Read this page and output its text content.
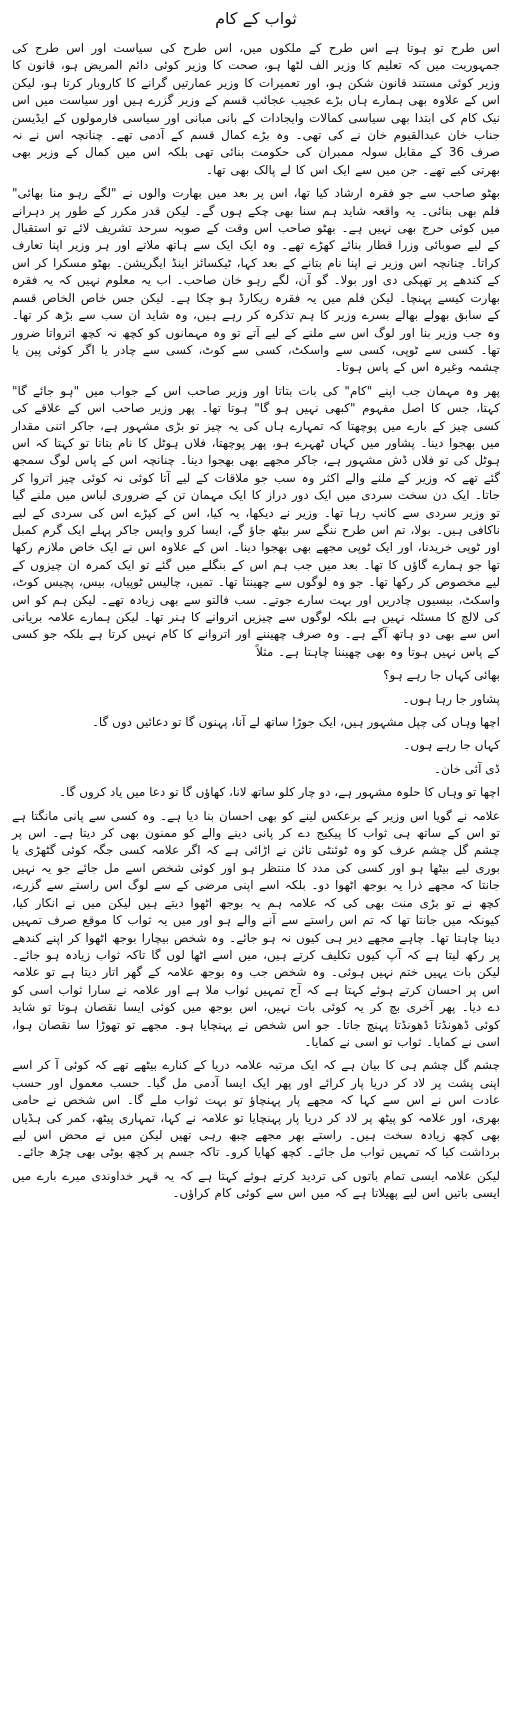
ثواب کے کام

اس طرح تو ہوتا ہے اس طرح کے ملکوں میں، اس طرح کی سیاست اور اس طرح کی جمہوریت میں کہ تعلیم کا وزیر الف لٹھا ہو، صحت کا وزیر کوئی دائم المریض ہو، قانون کا وزیر کوئی مستند قانون شکن ہو، اور تعمیرات کا وزیر عمارتیں گرانے کا کاروبار کرتا ہو، لیکن اس کے علاوہ بھی ہمارے ہاں بڑے عجیب عجائب قسم کے وزیر گزرے ہیں اور سیاست میں اس نیک کام کی ابتدا بھی سیاسی کمالات وایجادات کے بانی مبانی اور سیاسی فارمولوں کے ایڈیسن جناب خان عبدالقیوم خان نے کی تھی۔ وہ بڑے کمال قسم کے آدمی تھے۔ چنانچہ اس نے نہ صرف 36 کے مقابل سولہ ممبران کی حکومت بنائی تھی بلکہ اس میں کمال کے وزیر بھی بھرتی کیے تھے۔ جن میں سے ایک اس کا لے پالک بھی تھا۔

بھٹو صاحب سے جو فقرہ ارشاد کیا تھا، اس پر بعد میں بھارت والوں نے "لگے رہو منا بھائی" فلم بھی بنائی۔ یہ واقعہ شاید ہم سنا بھی چکے ہوں گے۔ لیکن قدر مکرر کے طور پر دہرانے میں کوئی حرج بھی نہیں ہے۔ بھٹو صاحب اس وقت کے صوبہ سرحد تشریف لائے تو استقبال کے لیے صوبائی وزرا قطار بنائے کھڑے تھے۔ وہ ایک ایک سے ہاتھ ملاتے اور ہر وزیر اپنا تعارف کراتا۔ چنانچہ اس وزیر نے اپنا نام بتانے کے بعد کہا، ٹیکسائز اینڈ ایگریشن۔ بھٹو مسکرا کر اس کے کندھے پر تھپکی دی اور بولا۔ گو آن، لگے رہو خان صاحب۔ اب یہ معلوم نہیں کہ یہ فقرہ بھارت کیسے پہنچا۔ لیکن فلم میں یہ فقرہ ریکارڈ ہو چکا ہے۔ لیکن جس خاص الخاص قسم کے سابق بھولے بھالے بسرے وزیر کا ہم تذکرہ کر رہے ہیں، وہ شاید ان سب سے بڑھ کر تھا۔ وہ جب وزیر بنا اور لوگ اس سے ملنے کے لیے آتے تو وہ مہمانوں کو کچھ نہ کچھ اترواتا ضرور تھا۔ کسی سے ٹوپی، کسی سے واسکٹ، کسی سے کوٹ، کسی سے چادر یا اگر کوئی پین یا چشمہ وغیرہ اس کے پاس ہوتا۔

پھر وہ مہمان جب اپنے "کام" کی بات بتاتا اور وزیر صاحب اس کے جواب میں "ہو جائے گا" کہتا، جس کا اصل مفہوم "کبھی نہیں ہو گا" ہوتا تھا۔ پھر وزیر صاحب اس کے علاقے کی کسی چیز کے بارے میں پوچھتا کہ تمہارے ہاں کی یہ چیز تو بڑی مشہور ہے، جاکر اتنی مقدار میں بھجوا دینا۔ پشاور میں کہاں ٹھہرے ہو، پھر پوچھتا، فلاں ہوٹل کا نام بتاتا تو کہتا کہ اس ہوٹل کی تو فلاں ڈش مشہور ہے، جاکر مجھے بھی بھجوا دینا۔ چنانچہ اس کے پاس لوگ سمجھ گئے تھے کہ وزیر کے ملنے والے اکثر وہ سب جو ملاقات کے لیے آتا کوئی نہ کوئی چیز اتروا کر جاتا۔ ایک دن سخت سردی میں ایک دور دراز کا ایک مہمان تن کے ضروری لباس میں ملنے گیا تو وزیر سردی سے کانپ رہا تھا۔ وزیر نے دیکھا، یہ کیا، اس کے کپڑے اس کی سردی کے لیے ناکافی ہیں۔ بولا، تم اس طرح ننگے سر بیٹھ جاؤ گے، ایسا کرو واپس جاکر پہلے ایک گرم کمبل اور ٹوپی خریدنا، اور ایک ٹوپی مجھے بھی بھجوا دینا۔ اس کے علاوہ اس نے ایک خاص ملازم رکھا تھا جو ہمارے گاؤں کا تھا۔ بعد میں جب ہم اس کے بنگلے میں گئے تو ایک کمرہ ان چیزوں کے لیے مخصوص کر رکھا تھا۔ جو وہ لوگوں سے چھینتا تھا۔ تمیں، چالیس ٹوپیاں، بیس، پچیس کوٹ، واسکٹ، بیسیوں چادریں اور بہت سارے جوتے۔ سب فالتو سے بھی زیادہ تھے۔ لیکن ہم کو اس کی لالچ کا مسئلہ نہیں ہے بلکہ لوگوں سے چیزیں اتروانے کا ہنر تھا۔ لیکن ہمارے علامہ بریانی اس سے بھی دو ہاتھ آگے ہے۔ وہ صرف چھیننے اور اتروانے کا کام نہیں کرتا ہے بلکہ جو کسی کے پاس نہیں ہوتا وہ بھی چھیننا چاہتا ہے۔ مثلاً

بھائی کہاں جا رہے ہو؟

پشاور جا رہا ہوں۔

اچھا وہاں کی چپل مشہور ہیں، ایک جوڑا ساتھ لے آنا، پہنوں گا تو دعائیں دوں گا۔

کہاں جا رہے ہوں۔

ڈی آئی خان۔

اچھا تو وہاں کا حلوہ مشہور ہے، دو چار کلو ساتھ لانا، کھاؤں گا تو دعا میں یاد کروں گا۔

علامہ نے گویا اس وزیر کے برعکس لینے کو بھی احسان بنا دیا ہے۔ وہ کسی سے پانی مانگتا ہے تو اس کے ساتھ ہی ثواب کا پیکیج دے کر پانی دینے والے کو ممنون بھی کر دیتا ہے۔ اس پر چشم گل چشم عرف کو وہ ٹوئنٹی تائن نے اڑائی ہے کہ اگر علامہ کسی جگہ کوئی گٹھڑی یا بوری لیے بیٹھا ہو اور کسی کی مدد کا منتظر ہو اور کوئی شخص اسے مل جائے جو یہ نہیں جانتا کہ مجھے ذرا یہ بوجھ اٹھوا دو۔ بلکہ اسے اپنی مرضی کے سے لوگ اس راستے سے گزرے، کچھ نے تو بڑی منت بھی کی کہ علامہ ہم یہ بوجھ اٹھوا دیتے ہیں لیکن میں نے انکار کیا، کیونکہ میں جانتا تھا کہ تم اس راستے سے آنے والے ہو اور میں یہ ثواب کا موقع صرف تمہیں دینا چاہتا تھا۔ چاہے مجھے دیر ہی کیوں نہ ہو جائے۔ وہ شخص بیچارا بوجھ اٹھوا کر اپنے کندھے پر رکھ لیتا ہے کہ آپ کیوں تکلیف کرتے ہیں، میں اسے اٹھا لوں گا تاکہ ثواب زیادہ ہو جائے۔ لیکن بات یہیں ختم نہیں ہوئی۔ وہ شخص جب وہ بوجھ علامہ کے گھر اتار دیتا ہے تو علامہ اس پر احسان کرتے ہوئے کہتا ہے کہ آج تمہیں ثواب ملا ہے اور علامہ نے سارا ثواب اسی کو دے دیا۔ پھر آخری بچ کر یہ کوئی بات نہیں، اس بوجھ میں کوئی ایسا نقصان ہوتا تو شاید کوئی ڈھونڈتا ڈھونڈتا پہنچ جاتا۔ جو اس شخص نے پہنچایا ہو۔ مجھے تو تھوڑا سا نقصان ہوا، اسی نے کمایا۔ ثواب تو اسی نے کمایا۔

چشم گل چشم ہی کا بیان ہے کہ ایک مرتبہ علامہ دریا کے کنارے بیٹھے تھے کہ کوئی آ کر اسے اپنی پشت پر لاد کر دریا پار کرائے اور پھر ایک ایسا آدمی مل گیا۔ حسب معمول اور حسب عادت اس نے اس سے کہا کہ مجھے پار پہنچاؤ تو بہت ثواب ملے گا۔ اس شخص نے حامی بھری، اور علامہ کو پیٹھ پر لاد کر دریا پار پہنچایا تو علامہ نے کہا، تمہاری پیٹھ، کمر کی ہڈیاں بھی کچھ زیادہ سخت ہیں۔ راستے بھر مجھے چبھ رہی تھیں لیکن میں نے محض اس لیے برداشت کیا کہ تمہیں ثواب مل جائے۔ کچھ کھایا کرو۔ تاکہ جسم پر کچھ بوٹی بھی چڑھ جائے۔

لیکن علامہ ایسی تمام باتوں کی تردید کرتے ہوئے کہتا ہے کہ یہ قہر خداوندی میرے بارے میں ایسی باتیں اس لیے پھیلاتا ہے کہ میں اس سے کوئی کام کراؤں۔
